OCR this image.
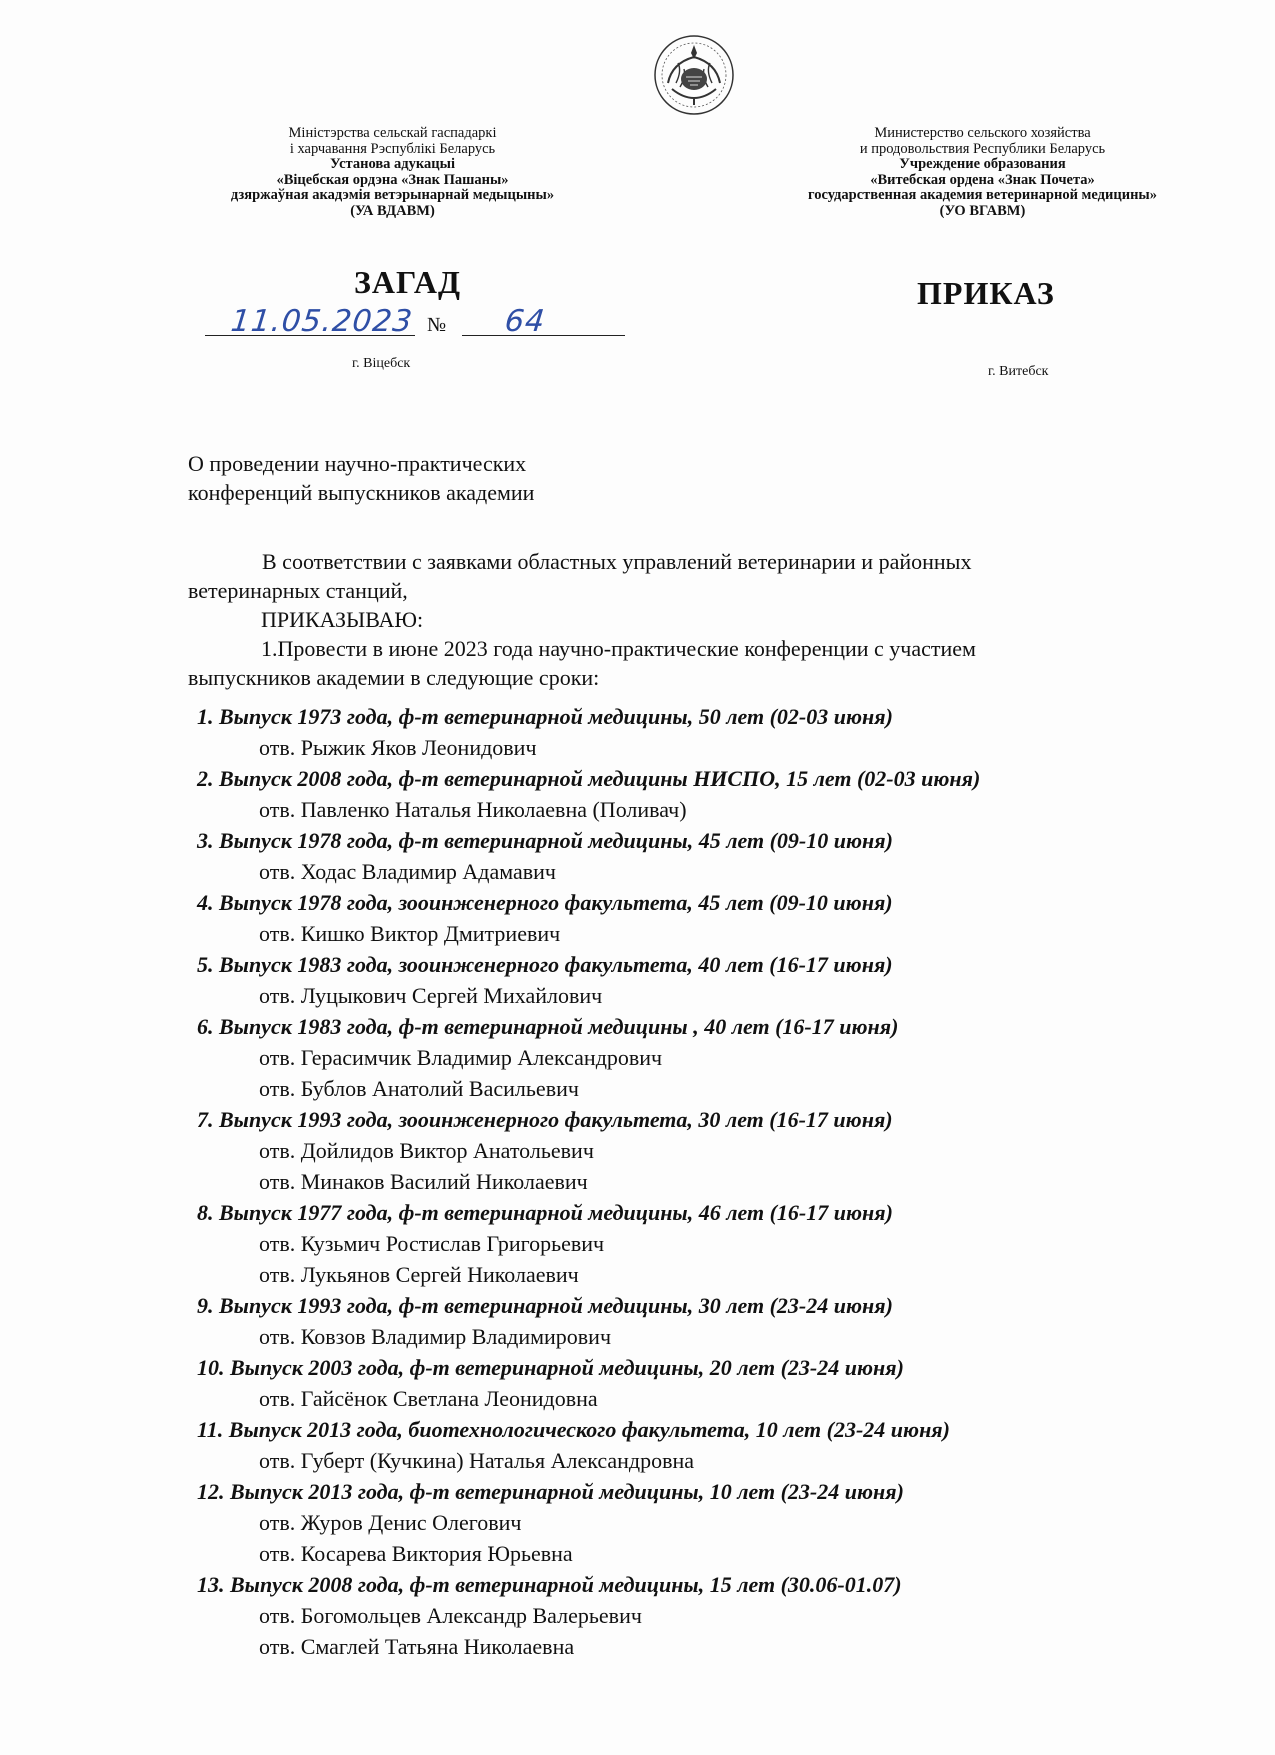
Міністэрства сельскай гаспадаркі
і харчавання Рэспублікі Беларусь
Установа адукацыі
«Віцебская ордэна «Знак Пашаны»
дзяржаўная акадэмія ветэрынарнай медыцыны»
(УА ВДАВМ)
Министерство сельского хозяйства
и продовольствия Республики Беларусь
Учреждение образования
«Витебская ордена «Знак Почета»
государственная академия ветеринарной медицины»
(УО ВГАВМ)
ЗАГАД	ПРИКАЗ
11.05.2023 № 64
г. Віцебск
г. Витебск
О проведении научно-практических
конференций выпускников академии

В соответствии с заявками областных управлений ветеринарии и районных

ветеринарных станций,

ПРИКАЗЫВАЮ:

1.Провести в июне 2023 года научно-практические конференции с участием

выпускников академии в следующие сроки:

1. Выпуск 1973 года, ф-т ветеринарной медицины, 50 лет (02-03 июня)
отв. Рыжик Яков Леонидович
2. Выпуск 2008 года, ф-т ветеринарной медицины НИСПО, 15 лет (02-03 июня)
отв. Павленко Наталья Николаевна (Поливач)
3. Выпуск 1978 года, ф-т ветеринарной медицины, 45 лет (09-10 июня)
отв. Ходас Владимир Адамавич
4. Выпуск 1978 года, зооинженерного факультета, 45 лет (09-10 июня)
отв. Кишко Виктор Дмитриевич
5. Выпуск 1983 года, зооинженерного факультета, 40 лет (16-17 июня)
отв. Луцыкович Сергей Михайлович
6. Выпуск 1983 года, ф-т ветеринарной медицины , 40 лет (16-17 июня)
отв. Герасимчик Владимир Александрович
отв. Бублов Анатолий Васильевич
7. Выпуск 1993 года, зооинженерного факультета, 30 лет (16-17 июня)
отв. Дойлидов Виктор Анатольевич
отв. Минаков Василий Николаевич
8. Выпуск 1977 года, ф-т ветеринарной медицины, 46 лет (16-17 июня)
отв. Кузьмич Ростислав Григорьевич
отв. Лукьянов Сергей Николаевич
9. Выпуск 1993 года, ф-т ветеринарной медицины, 30 лет (23-24 июня)
отв. Ковзов Владимир Владимирович
10. Выпуск 2003 года, ф-т ветеринарной медицины, 20 лет (23-24 июня)
отв. Гайсёнок Светлана Леонидовна
11. Выпуск 2013 года, биотехнологического факультета, 10 лет (23-24 июня)
отв. Губерт (Кучкина) Наталья Александровна
12. Выпуск 2013 года, ф-т ветеринарной медицины, 10 лет (23-24 июня)
отв. Журов Денис Олегович
отв. Косарева Виктория Юрьевна
13. Выпуск 2008 года, ф-т ветеринарной медицины, 15 лет (30.06-01.07)
отв. Богомольцев Александр Валерьевич
отв. Смаглей Татьяна Николаевна
